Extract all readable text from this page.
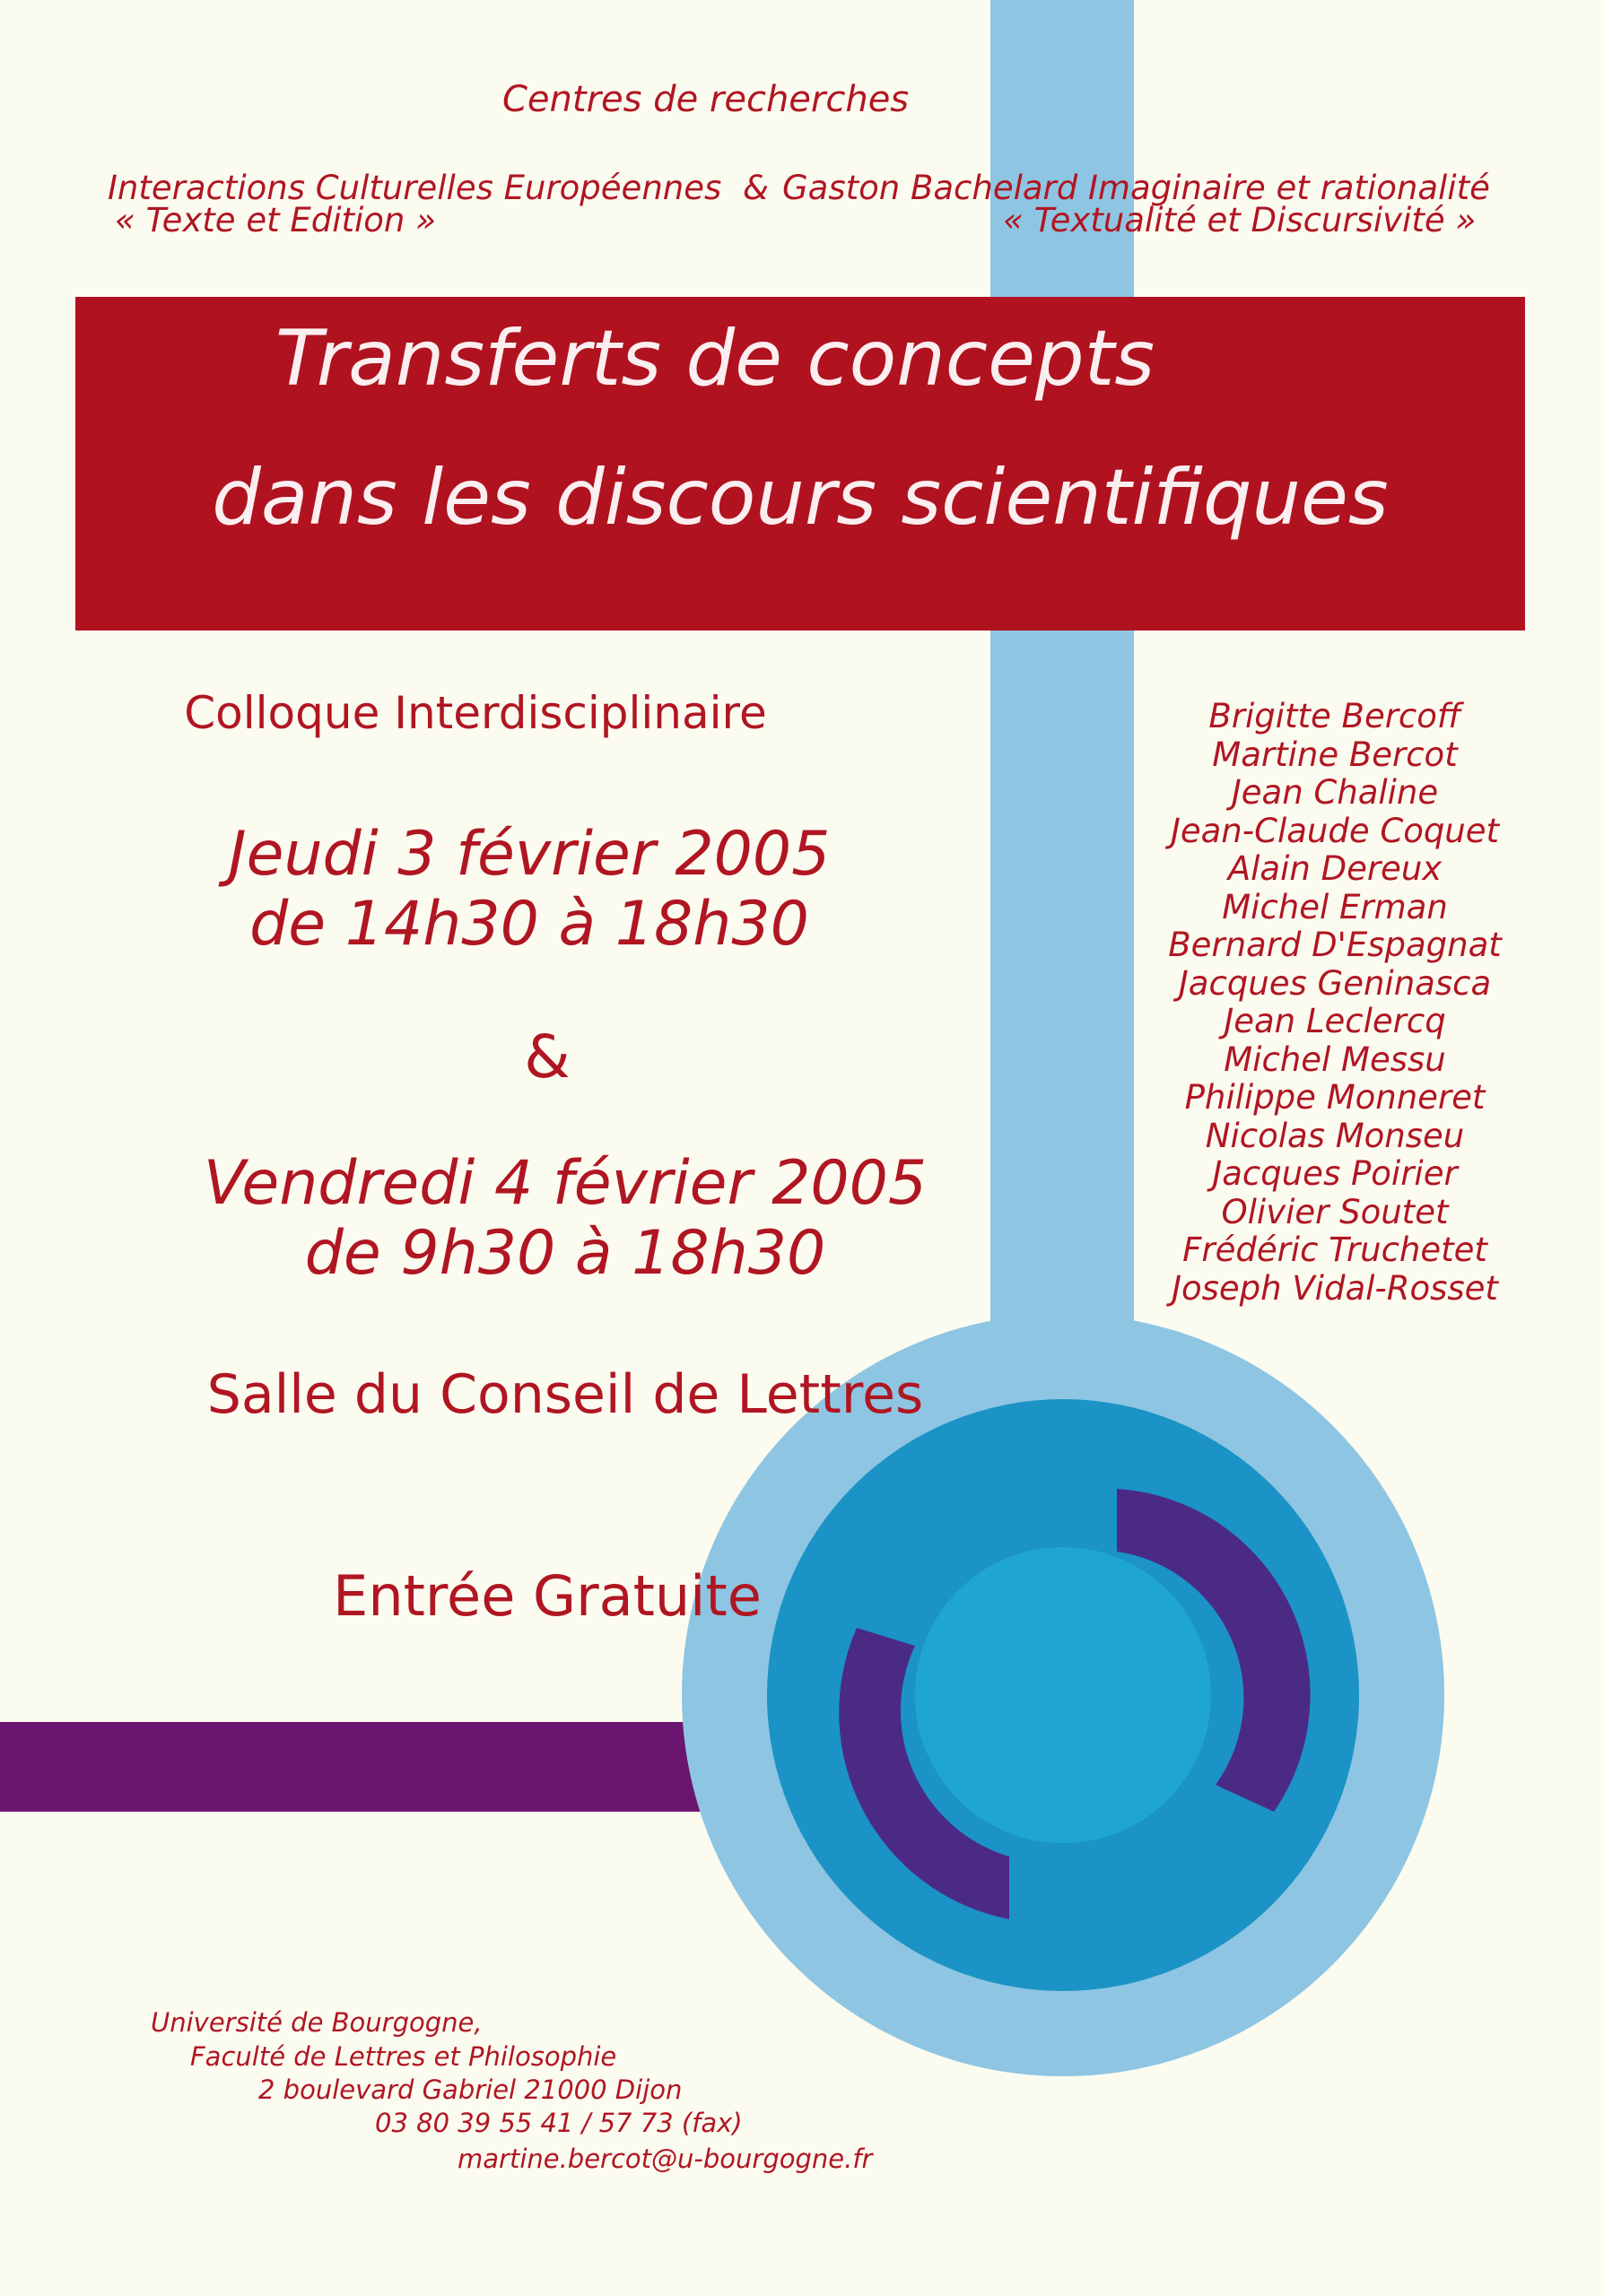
Centres de recherches
Interactions Culturelles Européennes & Gaston Bachelard Imaginaire et rationalité
« Texte et Edition »	« Textualité et Discursivité »
Transferts de concepts
dans les discours scientifiques
Colloque Interdisciplinaire
Jeudi 3 février 2005
de 14h30 à 18h30
&
Vendredi 4 février 2005
de 9h30 à 18h30
Salle du Conseil de Lettres
Entrée Gratuite
Brigitte Bercoff
Martine Bercot
Jean Chaline
Jean-Claude Coquet
Alain Dereux
Michel Erman
Bernard D'Espagnat
Jacques Geninasca
Jean Leclercq
Michel Messu
Philippe Monneret
Nicolas Monseu
Jacques Poirier
Olivier Soutet
Frédéric Truchetet
Joseph Vidal-Rosset
Université de Bourgogne,
Faculté de Lettres et Philosophie
2 boulevard Gabriel 21000 Dijon
03 80 39 55 41 / 57 73 (fax)
martine.bercot@u-bourgogne.fr
